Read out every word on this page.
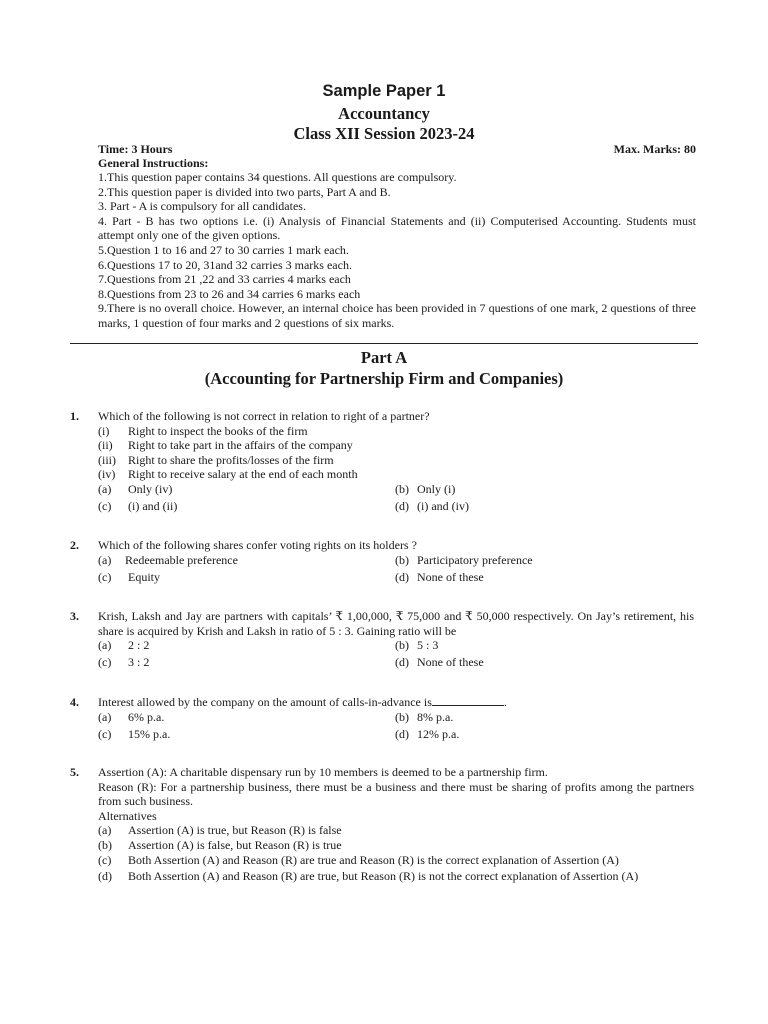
Sample Paper 1
Accountancy
Class XII Session 2023-24
Time: 3 Hours	Max. Marks: 80
General Instructions:
1.This question paper contains 34 questions. All questions are compulsory.
2.This question paper is divided into two parts, Part A and B.
3. Part - A is compulsory for all candidates.
4. Part - B has two options i.e. (i) Analysis of Financial Statements and (ii) Computerised Accounting. Students must attempt only one of the given options.
5.Question 1 to 16 and 27 to 30 carries 1 mark each.
6.Questions 17 to 20, 31and 32 carries 3 marks each.
7.Questions from 21 ,22 and 33 carries 4 marks each
8.Questions from 23 to 26 and 34 carries 6 marks each
9.There is no overall choice. However, an internal choice has been provided in 7 questions of one mark, 2 questions of three marks, 1 question of four marks and 2 questions of six marks.
Part A
(Accounting for Partnership Firm and Companies)
1. Which of the following is not correct in relation to right of a partner?
(i) Right to inspect the books of the firm
(ii) Right to take part in the affairs of the company
(iii) Right to share the profits/losses of the firm
(iv) Right to receive salary at the end of each month
(a) Only (iv)	(b) Only (i)
(c) (i) and (ii)	(d) (i) and (iv)
2. Which of the following shares confer voting rights on its holders ?
(a) Redeemable preference	(b) Participatory preference
(c) Equity	(d) None of these
3. Krish, Laksh and Jay are partners with capitals’ ₹ 1,00,000, ₹ 75,000 and ₹ 50,000 respectively. On Jay’s retirement, his share is acquired by Krish and Laksh in ratio of 5 : 3. Gaining ratio will be
(a) 2 : 2	(b) 5 : 3
(c) 3 : 2	(d) None of these
4. Interest allowed by the company on the amount of calls-in-advance is	.
(a) 6% p.a.	(b) 8% p.a.
(c) 15% p.a.	(d) 12% p.a.
5. Assertion (A): A charitable dispensary run by 10 members is deemed to be a partnership firm.
Reason (R): For a partnership business, there must be a business and there must be sharing of profits among the partners from such business.
Alternatives
(a) Assertion (A) is true, but Reason (R) is false
(b) Assertion (A) is false, but Reason (R) is true
(c) Both Assertion (A) and Reason (R) are true and Reason (R) is the correct explanation of Assertion (A)
(d) Both Assertion (A) and Reason (R) are true, but Reason (R) is not the correct explanation of Assertion (A)
